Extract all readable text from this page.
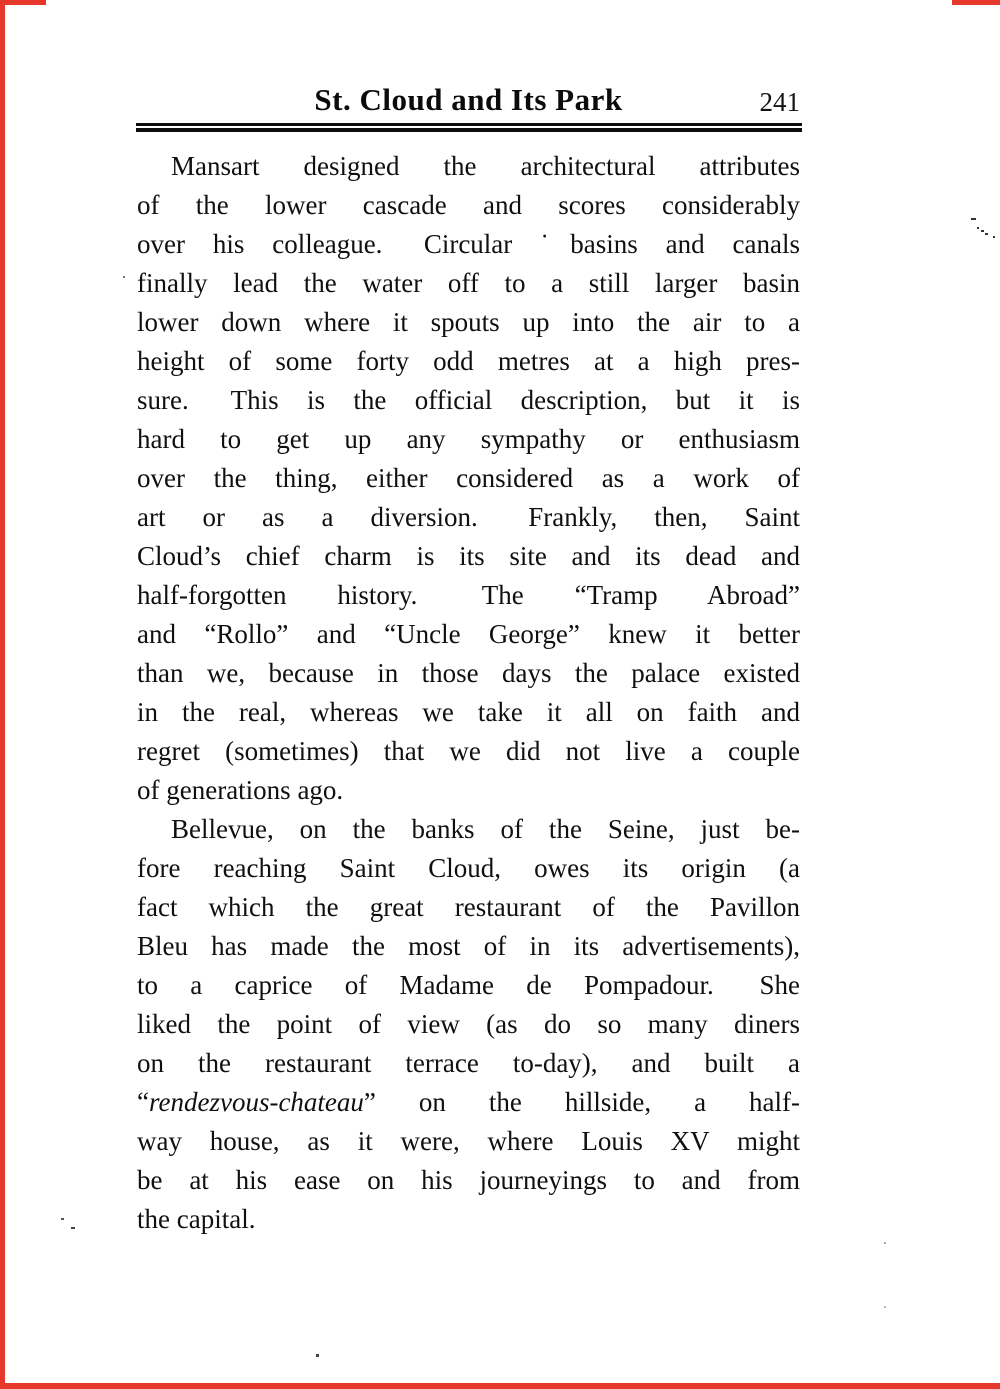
St. Cloud and Its Park	241
Mansart designed the architectural attributes
of the lower cascade and scores considerably
over his colleague.  Circular ˙basins and canals
finally lead the water off to a still larger basin
lower down where it spouts up into the air to a
height of some forty odd metres at a high pres-
sure.  This is the official description, but it is
hard to get up any sympathy or enthusiasm
over the thing, either considered as a work of
art or as a diversion.  Frankly, then, Saint
Cloud’s chief charm is its site and its dead and
half-forgotten history.  The “Tramp Abroad”
and “Rollo” and “Uncle George” knew it better
than we, because in those days the palace existed
in the real, whereas we take it all on faith and
regret (sometimes) that we did not live a couple
of generations ago.
Bellevue, on the banks of the Seine, just be-
fore reaching Saint Cloud, owes its origin (a
fact which the great restaurant of the Pavillon
Bleu has made the most of in its advertisements),
to a caprice of Madame de Pompadour.  She
liked the point of view (as do so many diners
on the restaurant terrace to-day), and built a
“rendezvous-chateau” on the hillside, a half-
way house, as it were, where Louis XV might
be at his ease on his journeyings to and from
the capital.
